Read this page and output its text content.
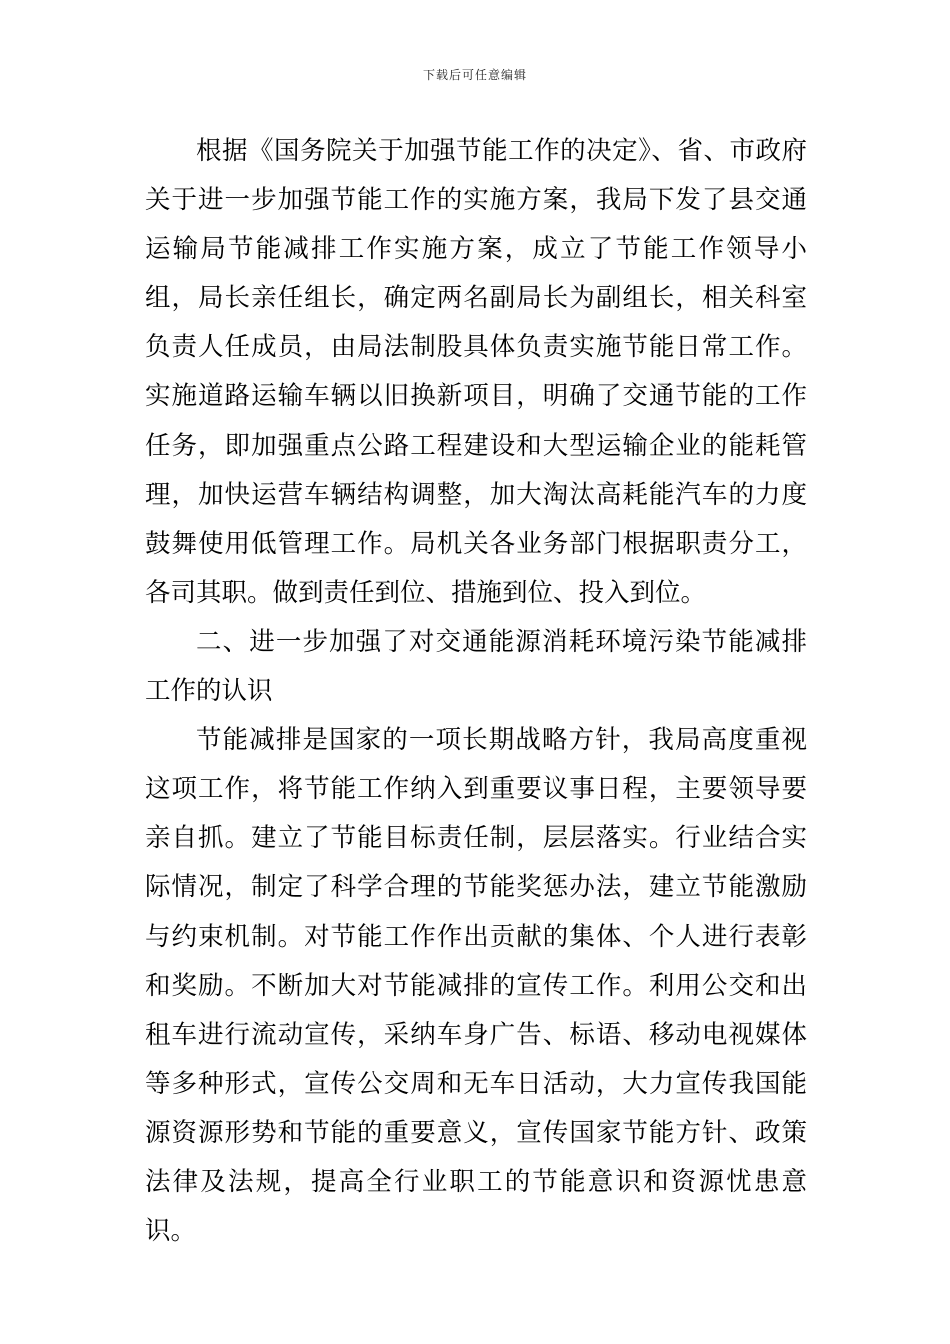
下载后可任意编辑

根据《国务院关于加强节能工作的决定》、省、市政府关于进一步加强节能工作的实施方案，我局下发了县交通运输局节能减排工作实施方案，成立了节能工作领导小组，局长亲任组长，确定两名副局长为副组长，相关科室负责人任成员，由局法制股具体负责实施节能日常工作。实施道路运输车辆以旧换新项目，明确了交通节能的工作任务，即加强重点公路工程建设和大型运输企业的能耗管理，加快运营车辆结构调整，加大淘汰高耗能汽车的力度鼓舞使用低管理工作。局机关各业务部门根据职责分工，各司其职。做到责任到位、措施到位、投入到位。

二、进一步加强了对交通能源消耗环境污染节能减排工作的认识

节能减排是国家的一项长期战略方针，我局高度重视这项工作，将节能工作纳入到重要议事日程，主要领导要亲自抓。建立了节能目标责任制，层层落实。行业结合实际情况，制定了科学合理的节能奖惩办法，建立节能激励与约束机制。对节能工作作出贡献的集体、个人进行表彰和奖励。不断加大对节能减排的宣传工作。利用公交和出租车进行流动宣传，采纳车身广告、标语、移动电视媒体等多种形式，宣传公交周和无车日活动，大力宣传我国能源资源形势和节能的重要意义，宣传国家节能方针、政策法律及法规，提高全行业职工的节能意识和资源忧患意识。
